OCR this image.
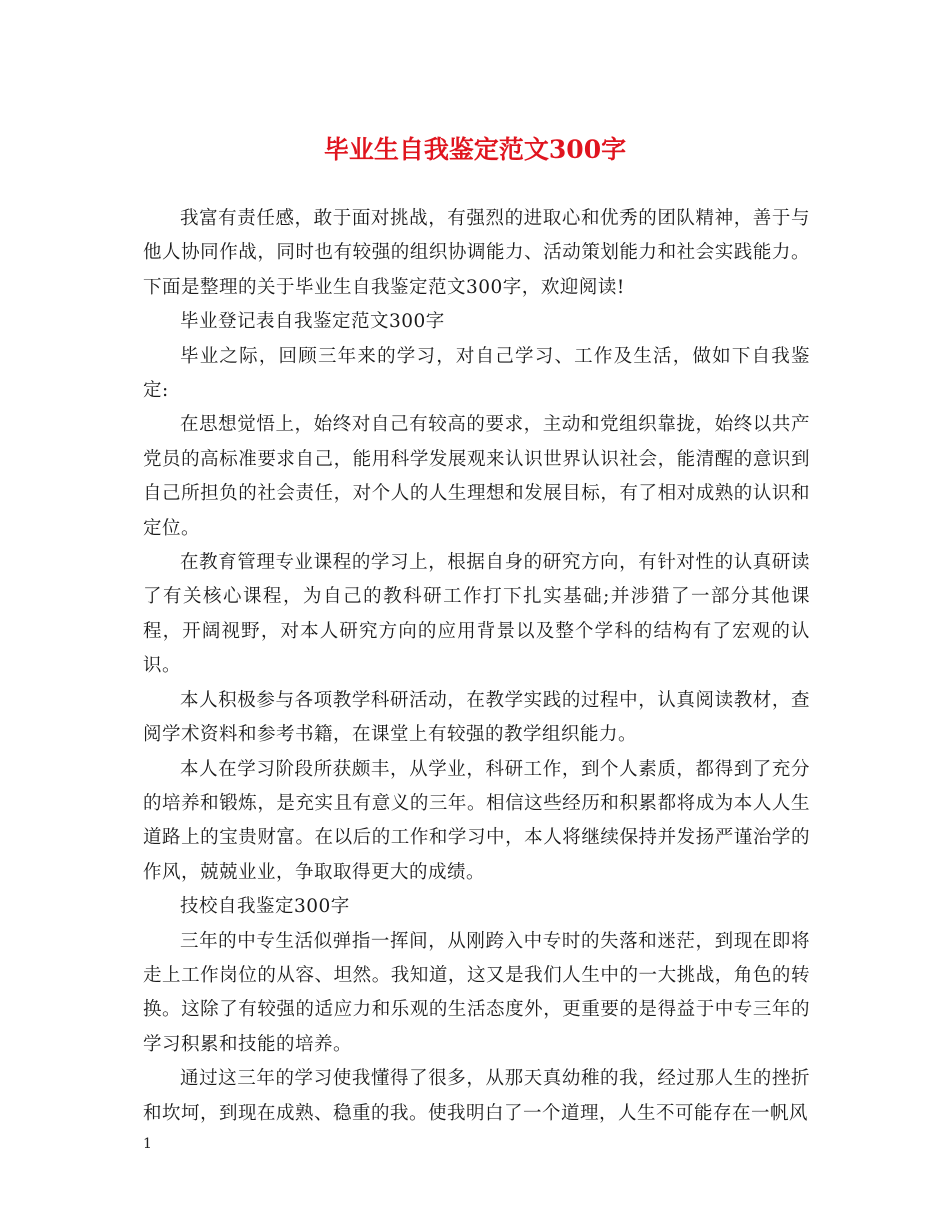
毕业生自我鉴定范文300字

我富有责任感，敢于面对挑战，有强烈的进取心和优秀的团队精神，善于与他人协同作战，同时也有较强的组织协调能力、活动策划能力和社会实践能力。下面是整理的关于毕业生自我鉴定范文300字，欢迎阅读!

毕业登记表自我鉴定范文300字

毕业之际，回顾三年来的学习，对自己学习、工作及生活，做如下自我鉴定:

在思想觉悟上，始终对自己有较高的要求，主动和党组织靠拢，始终以共产党员的高标准要求自己，能用科学发展观来认识世界认识社会，能清醒的意识到自己所担负的社会责任，对个人的人生理想和发展目标，有了相对成熟的认识和定位。

在教育管理专业课程的学习上，根据自身的研究方向，有针对性的认真研读了有关核心课程，为自己的教科研工作打下扎实基础;并涉猎了一部分其他课程，开阔视野，对本人研究方向的应用背景以及整个学科的结构有了宏观的认识。

本人积极参与各项教学科研活动，在教学实践的过程中，认真阅读教材，查阅学术资料和参考书籍，在课堂上有较强的教学组织能力。

本人在学习阶段所获颇丰，从学业，科研工作，到个人素质，都得到了充分的培养和锻炼，是充实且有意义的三年。相信这些经历和积累都将成为本人人生道路上的宝贵财富。在以后的工作和学习中，本人将继续保持并发扬严谨治学的作风，兢兢业业，争取取得更大的成绩。

技校自我鉴定300字

三年的中专生活似弹指一挥间，从刚跨入中专时的失落和迷茫，到现在即将走上工作岗位的从容、坦然。我知道，这又是我们人生中的一大挑战，角色的转换。这除了有较强的适应力和乐观的生活态度外，更重要的是得益于中专三年的学习积累和技能的培养。

通过这三年的学习使我懂得了很多，从那天真幼稚的我，经过那人生的挫折和坎坷，到现在成熟、稳重的我。使我明白了一个道理，人生不可能存在一帆风

1
